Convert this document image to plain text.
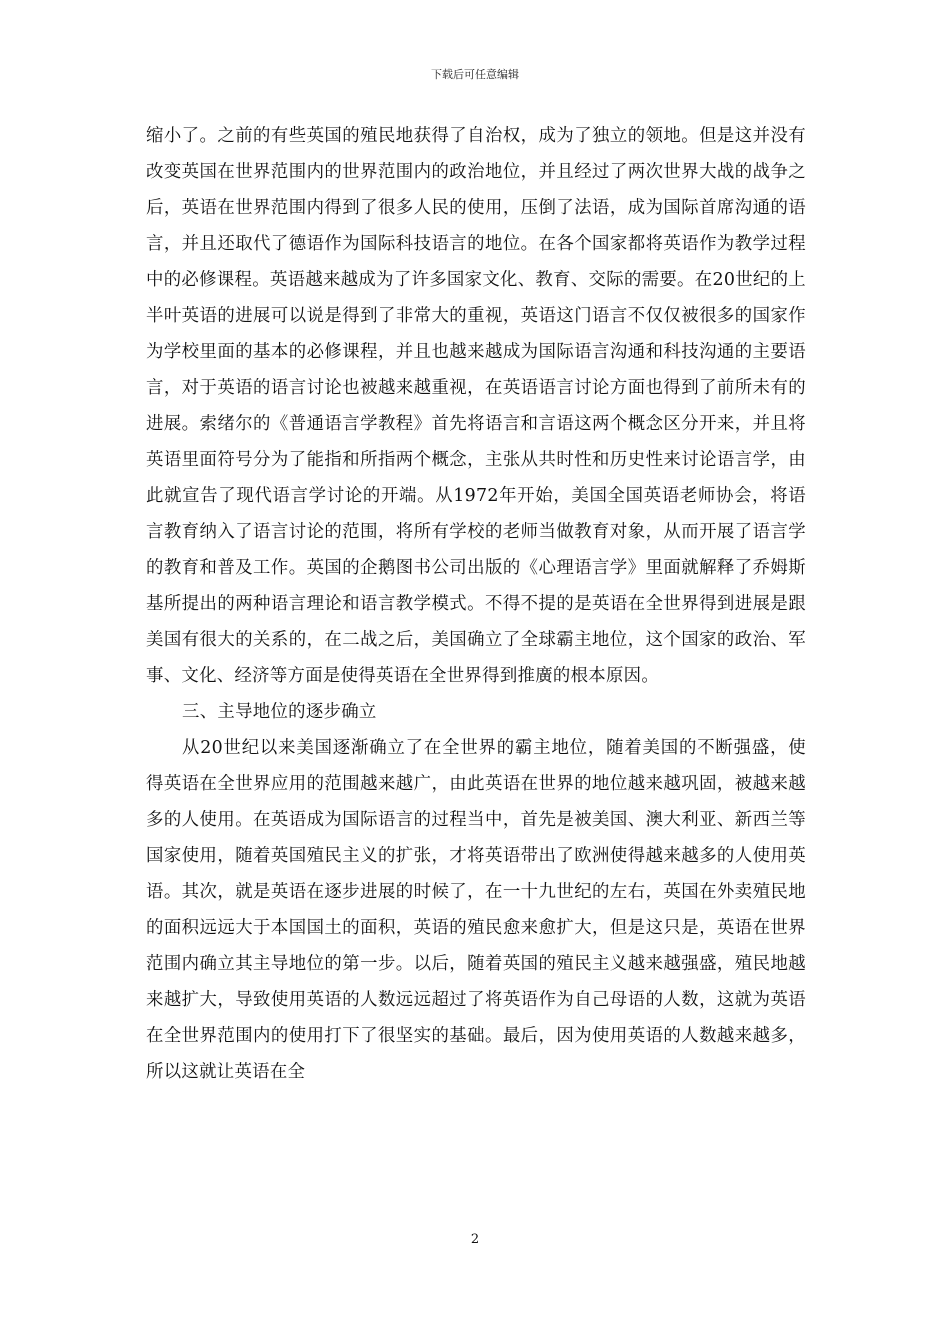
下载后可任意编辑

缩小了。之前的有些英国的殖民地获得了自治权，成为了独立的领地。但是这并没有改变英国在世界范围内的世界范围内的政治地位，并且经过了两次世界大战的战争之后，英语在世界范围内得到了很多人民的使用，压倒了法语，成为国际首席沟通的语言，并且还取代了德语作为国际科技语言的地位。在各个国家都将英语作为教学过程中的必修课程。英语越来越成为了许多国家文化、教育、交际的需要。在20世纪的上半叶英语的进展可以说是得到了非常大的重视，英语这门语言不仅仅被很多的国家作为学校里面的基本的必修课程，并且也越来越成为国际语言沟通和科技沟通的主要语言，对于英语的语言讨论也被越来越重视，在英语语言讨论方面也得到了前所未有的进展。索绪尔的《普通语言学教程》首先将语言和言语这两个概念区分开来，并且将英语里面符号分为了能指和所指两个概念，主张从共时性和历史性来讨论语言学，由此就宣告了现代语言学讨论的开端。从1972年开始，美国全国英语老师协会，将语言教育纳入了语言讨论的范围，将所有学校的老师当做教育对象，从而开展了语言学的教育和普及工作。英国的企鹅图书公司出版的《心理语言学》里面就解释了乔姆斯基所提出的两种语言理论和语言教学模式。不得不提的是英语在全世界得到进展是跟美国有很大的关系的，在二战之后，美国确立了全球霸主地位，这个国家的政治、军事、文化、经济等方面是使得英语在全世界得到推廣的根本原因。

三、主导地位的逐步确立

从20世纪以来美国逐渐确立了在全世界的霸主地位，随着美国的不断强盛，使得英语在全世界应用的范围越来越广，由此英语在世界的地位越来越巩固，被越来越多的人使用。在英语成为国际语言的过程当中，首先是被美国、澳大利亚、新西兰等国家使用，随着英国殖民主义的扩张，才将英语带出了欧洲使得越来越多的人使用英语。其次，就是英语在逐步进展的时候了，在一十九世纪的左右，英国在外卖殖民地的面积远远大于本国国土的面积，英语的殖民愈来愈扩大，但是这只是，英语在世界范围内确立其主导地位的第一步。以后，随着英国的殖民主义越来越强盛，殖民地越来越扩大，导致使用英语的人数远远超过了将英语作为自己母语的人数，这就为英语在全世界范围内的使用打下了很坚实的基础。最后，因为使用英语的人数越来越多，所以这就让英语在全

2
